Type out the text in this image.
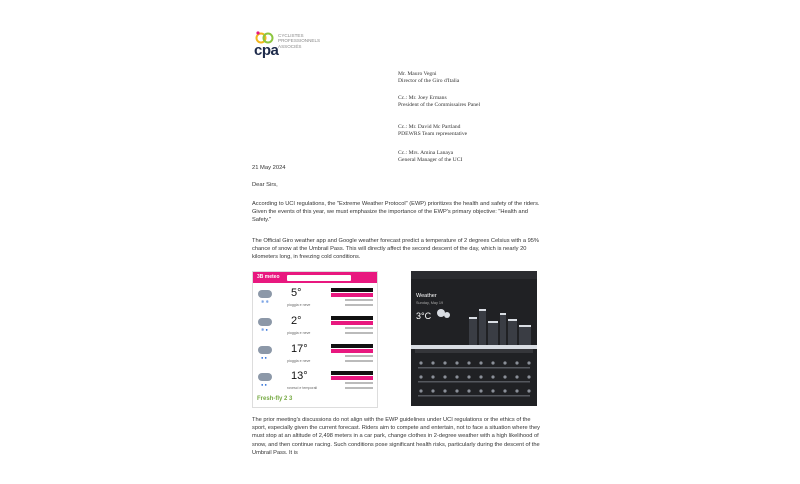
cpa
CYCLISTES
PROFESSIONNELS
ASSOCIÉS
Mr. Mauro Vegni
Director of the Giro d'Italia
Cc.: Mr. Joey Ermans
President of the Commissaires Panel
Cc.: Mr. David Mc Partland
PDEWRS Team representative
Cc.: Mrs. Amina Lanaya
General Manager of the UCI
21 May 2024
Dear Sirs,
According to UCI regulations, the "Extreme Weather Protocol" (EWP) prioritizes the health and safety of the riders. Given the events of this year, we must emphasize the importance of the EWP's primary objective: "Health and Safety."
The Official Giro weather app and Google weather forecast predict a temperature of 2 degrees Celsius with a 95% chance of snow at the Umbrail Pass. This will directly affect the second descent of the day, which is nearly 20 kilometers long, in freezing cold conditions.
3B meteo
❄ ❄
5°
pioggia e neve
❄ ●
2°
pioggia e neve
● ●
17°
pioggia e neve
● ●
13°
rovesci e temporali
Fresh-fly 2 3
Weather
Sunday, May 19
3°C
The prior meeting's discussions do not align with the EWP guidelines under UCI regulations or the ethics of the sport, especially given the current forecast. Riders aim to compete and entertain, not to face a situation where they must stop at an altitude of 2,498 meters in a car park, change clothes in 2-degree weather with a high likelihood of snow, and then continue racing. Such conditions pose significant health risks, particularly during the descent of the Umbrail Pass. It is
